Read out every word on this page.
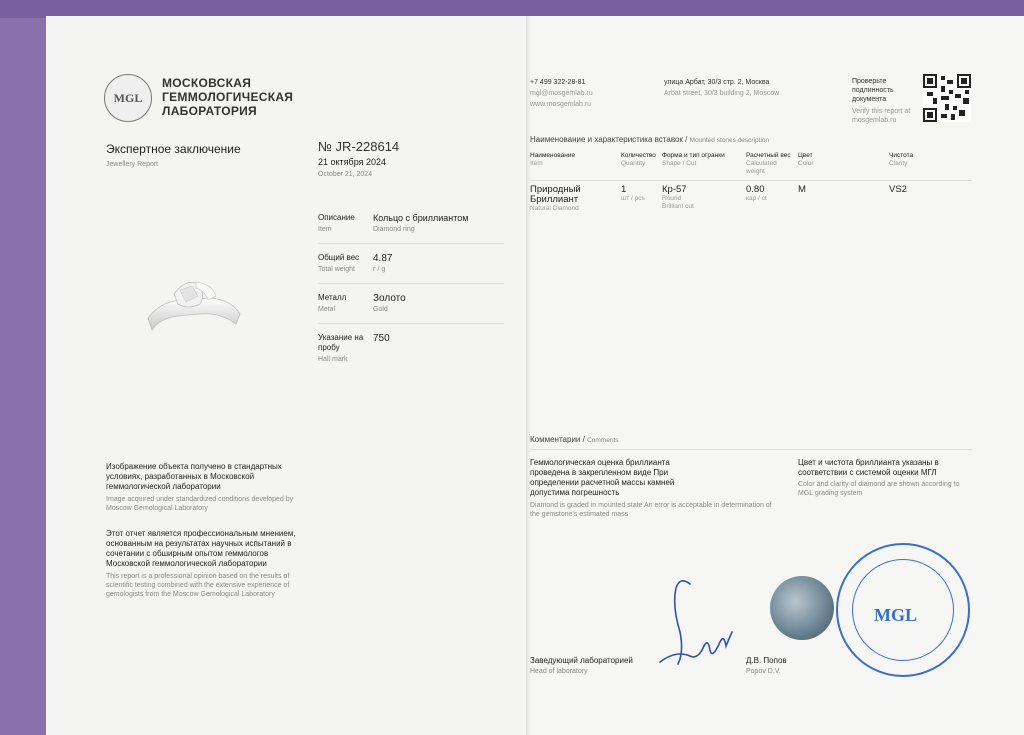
MGL
МОСКОВСКАЯ
ГЕММОЛОГИЧЕСКАЯ
ЛАБОРАТОРИЯ
Экспертное заключение
Jewellery Report
№ JR-228614
21 октября 2024
October 21, 2024
Описание
Item
Кольцо с бриллиантом
Diamond ring
Общий вес
Total weight
4.87
г / g
Металл
Metal
Золото
Gold
Указание на пробу
Hall mark
750
Изображение объекта получено в стандартных условиях, разработанных в Московской геммологической лаборатории
Image acquired under standardized conditions developed by Moscow Gemological Laboratory
Этот отчет является профессиональным мнением, основанным на результатах научных испытаний в сочетании с обширным опытом геммологов Московской геммологической лаборатории
This report is a professional opinion based on the results of scientific testing combined with the extensive experience of gemologists from the Moscow Gemological Laboratory
+7 499 322-28-81
mgl@mosgemlab.ru
www.mosgemlab.ru
улица Арбат, 30/3 стр. 2, Москва
Arbat street, 30/3 building 2, Moscow
Проверьте подлинность документа
Verify this report at mosgemlab.ru
Наименование и характеристика вставок / Mounted stones description
Наименование
Item
Количество
Quantity
Форма и тип огранки
Shape / Cut
Расчетный вес
Calculated weight
Цвет
Color
Чистота
Clarity
Природный Бриллиант
Natural Diamond
1
шт / pcs
Кр-57
Round Brilliant cut
0.80
кар / ct
M	VS2
Комментарии / Comments
Геммологическая оценка бриллианта проведена в закрепленном виде При определении расчетной массы камней допустима погрешность
Diamond is graded in mounted state An error is acceptable in determination of the gemstone's estimated mass
Цвет и чистота бриллианта указаны в соответствии с системой оценки МГЛ
Color and clarity of diamond are shown according to MGL grading system
Заведующий лабораторией
Head of laboratory
Д.В. Попов
Popov D.V.
MGL
